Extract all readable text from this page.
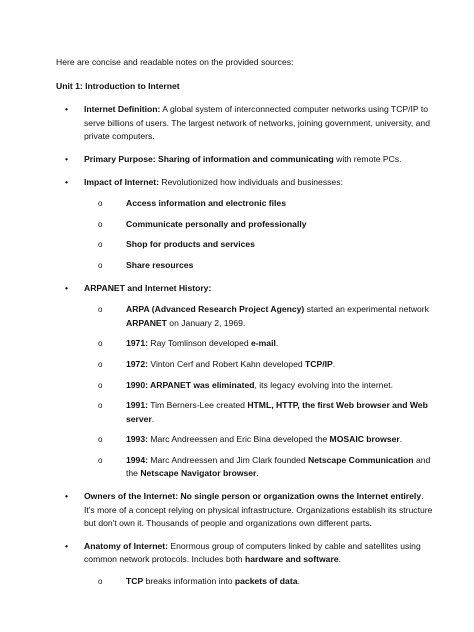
Here are concise and readable notes on the provided sources:

Unit 1: Introduction to Internet

• Internet Definition: A global system of interconnected computer networks using TCP/IP to serve billions of users. The largest network of networks, joining government, university, and private computers.
• Primary Purpose: Sharing of information and communicating with remote PCs.
• Impact of Internet: Revolutionized how individuals and businesses:
o	Access information and electronic files
o	Communicate personally and professionally
o	Shop for products and services
o	Share resources
• ARPANET and Internet History:
o	ARPA (Advanced Research Project Agency) started an experimental network ARPANET on January 2, 1969.
o	1971: Ray Tomlinson developed e-mail.
o	1972: Vinton Cerf and Robert Kahn developed TCP/IP.
o	1990: ARPANET was eliminated, its legacy evolving into the internet.
o	1991: Tim Berners-Lee created HTML, HTTP, the first Web browser and Web server.
o	1993: Marc Andreessen and Eric Bina developed the MOSAIC browser.
o	1994: Marc Andreessen and Jim Clark founded Netscape Communication and the Netscape Navigator browser.
• Owners of the Internet: No single person or organization owns the Internet entirely. It's more of a concept relying on physical infrastructure. Organizations establish its structure but don't own it. Thousands of people and organizations own different parts.
• Anatomy of Internet: Enormous group of computers linked by cable and satellites using common network protocols. Includes both hardware and software.
o	TCP breaks information into packets of data.
